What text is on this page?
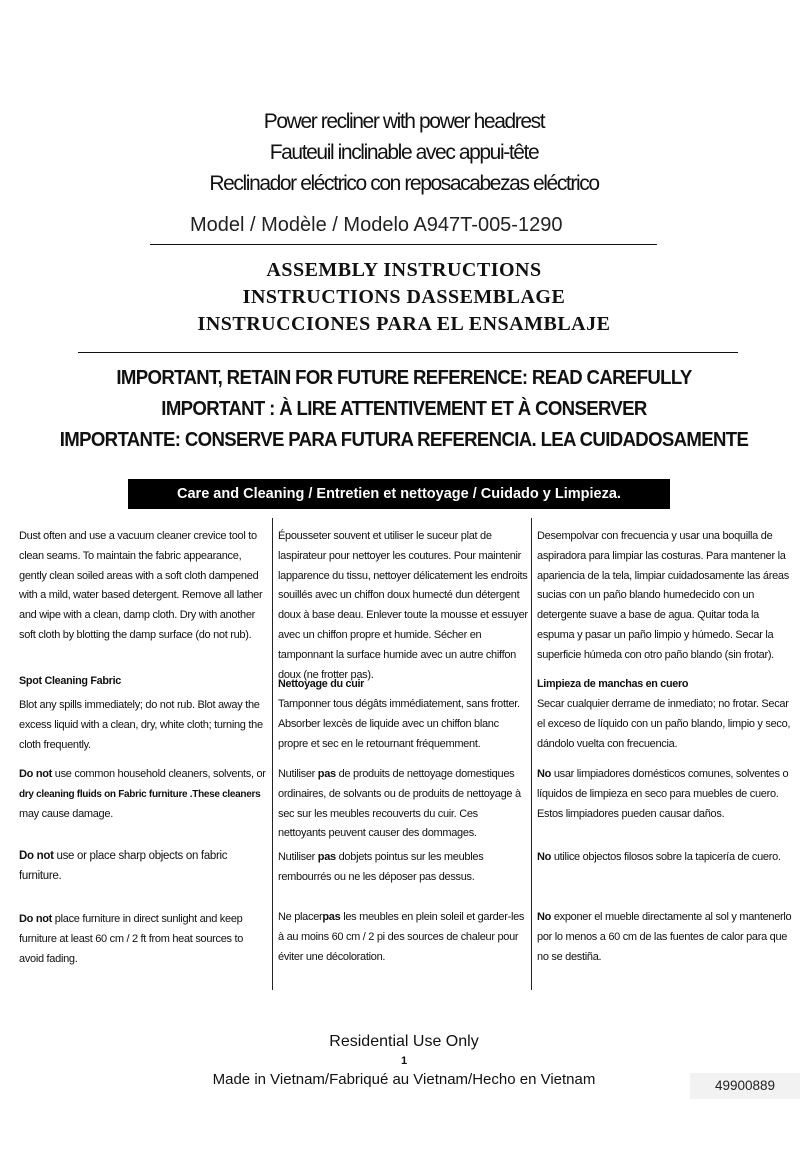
Power recliner with power headrest
Fauteuil inclinable avec appui-tête
Reclinador eléctrico con reposacabezas eléctrico
Model / Modèle / Modelo A947T-005-1290
ASSEMBLY INSTRUCTIONS
INSTRUCTIONS DASSEMBLAGE
INSTRUCCIONES PARA EL ENSAMBLAJE
IMPORTANT, RETAIN FOR FUTURE REFERENCE: READ CAREFULLY
IMPORTANT : À LIRE ATTENTIVEMENT ET À CONSERVER
IMPORTANTE: CONSERVE PARA FUTURA REFERENCIA. LEA CUIDADOSAMENTE
Care and Cleaning / Entretien et nettoyage / Cuidado y Limpieza.
Dust often and use a vacuum cleaner crevice tool to clean seams. To maintain the fabric appearance, gently clean soiled areas with a soft cloth dampened with a mild, water based detergent. Remove all lather and wipe with a clean, damp cloth. Dry with another soft cloth by blotting the damp surface (do not rub).
Spot Cleaning Fabric
Blot any spills immediately; do not rub. Blot away the excess liquid with a clean, dry, white cloth; turning the cloth frequently.
Do not use common household cleaners, solvents, or dry cleaning fluids on Fabric furniture .These cleaners may cause damage.
Do not use or place sharp objects on fabric furniture.
Do not place furniture in direct sunlight and keep furniture at least 60 cm / 2 ft from heat sources to avoid fading.
Épousseter souvent et utiliser le suceur plat de laspirateur pour nettoyer les coutures. Pour maintenir lapparence du tissu, nettoyer délicatement les endroits souillés avec un chiffon doux humecté dun détergent doux à base deau. Enlever toute la mousse et essuyer avec un chiffon propre et humide. Sécher en tamponnant la surface humide avec un autre chiffon doux (ne frotter pas).
Nettoyage du cuir
Tamponner tous dégâts immédiatement, sans frotter. Absorber lexcès de liquide avec un chiffon blanc propre et sec en le retournant fréquemment.
Nutiliser pas de produits de nettoyage domestiques ordinaires, de solvants ou de produits de nettoyage à sec sur les meubles recouverts du cuir. Ces nettoyants peuvent causer des dommages.
Nutiliser pas dobjets pointus sur les meubles rembourrés ou ne les déposer pas dessus.
Ne placerpas les meubles en plein soleil et garder-les à au moins 60 cm / 2 pi des sources de chaleur pour éviter une décoloration.
Desempolvar con frecuencia y usar una boquilla de aspiradora para limpiar las costuras. Para mantener la apariencia de la tela, limpiar cuidadosamente las áreas sucias con un paño blando humedecido con un detergente suave a base de agua. Quitar toda la espuma y pasar un paño limpio y húmedo. Secar la superficie húmeda con otro paño blando (sin frotar).
Limpieza de manchas en cuero
Secar cualquier derrame de inmediato; no frotar. Secar el exceso de líquido con un paño blando, limpio y seco, dándolo vuelta con frecuencia.
No usar limpiadores domésticos comunes, solventes o líquidos de limpieza en seco para muebles de cuero. Estos limpiadores pueden causar daños.
No utilice objectos filosos sobre la tapicería de cuero.
No exponer el mueble directamente al sol y mantenerlo por lo menos a 60 cm de las fuentes de calor para que no se destiña.
Residential Use Only
1
Made in Vietnam/Fabriqué au Vietnam/Hecho en Vietnam	49900889
